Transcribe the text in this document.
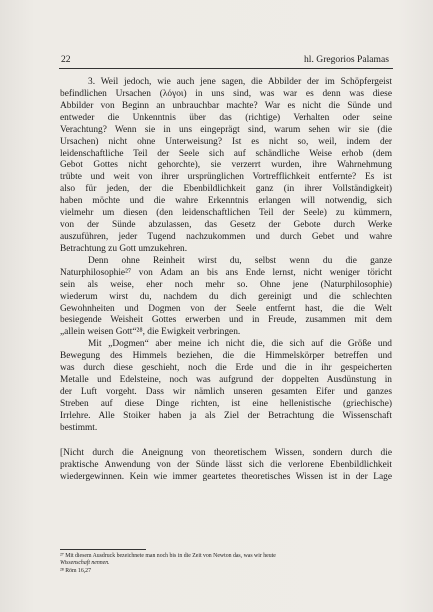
22	hl. Gregorios Palamas
3. Weil jedoch, wie auch jene sagen, die Abbilder der im Schöpfergeist
befindlichen Ursachen (λόγοι) in uns sind, was war es denn was diese
Abbilder von Beginn an unbrauchbar machte? War es nicht die Sünde und
entweder die Unkenntnis über das (richtige) Verhalten oder seine
Verachtung? Wenn sie in uns eingeprägt sind, warum sehen wir sie (die
Ursachen) nicht ohne Unterweisung? Ist es nicht so, weil, indem der
leidenschaftliche Teil der Seele sich auf schändliche Weise erhob (dem
Gebot Gottes nicht gehorchte), sie verzerrt wurden, ihre Wahrnehmung
trübte und weit von ihrer ursprünglichen Vortrefflichkeit entfernte? Es ist
also für jeden, der die Ebenbildlichkeit ganz (in ihrer Vollständigkeit)
haben möchte und die wahre Erkenntnis erlangen will notwendig, sich
vielmehr um diesen (den leidenschaftlichen Teil der Seele) zu kümmern,
von der Sünde abzulassen, das Gesetz der Gebote durch Werke
auszuführen, jeder Tugend nachzukommen und durch Gebet und wahre
Betrachtung zu Gott umzukehren.
Denn ohne Reinheit wirst du, selbst wenn du die ganze
Naturphilosophie²⁷ von Adam an bis ans Ende lernst, nicht weniger töricht
sein als weise, eher noch mehr so. Ohne jene (Naturphilosophie)
wiederum wirst du, nachdem du dich gereinigt und die schlechten
Gewohnheiten und Dogmen von der Seele entfernt hast, die die Welt
besiegende Weisheit Gottes erwerben und in Freude, zusammen mit dem
„allein weisen Gott“²⁸, die Ewigkeit verbringen.
Mit „Dogmen“ aber meine ich nicht die, die sich auf die Größe und
Bewegung des Himmels beziehen, die die Himmelskörper betreffen und
was durch diese geschieht, noch die Erde und die in ihr gespeicherten
Metalle und Edelsteine, noch was aufgrund der doppelten Ausdünstung in
der Luft vorgeht. Dass wir nämlich unseren gesamten Eifer und ganzes
Streben auf diese Dinge richten, ist eine hellenistische (griechische)
Irrlehre. Alle Stoiker haben ja als Ziel der Betrachtung die Wissenschaft
bestimmt.
[Nicht durch die Aneignung von theoretischem Wissen, sondern durch die
praktische Anwendung von der Sünde lässt sich die verlorene Ebenbildlichkeit
wiedergewinnen. Kein wie immer geartetes theoretisches Wissen ist in der Lage
²⁷ Mit diesem Ausdruck bezeichnete man noch bis in die Zeit von Newton das, was wir heute
Wissenschaft nennen.
²⁸ Röm 16,27
